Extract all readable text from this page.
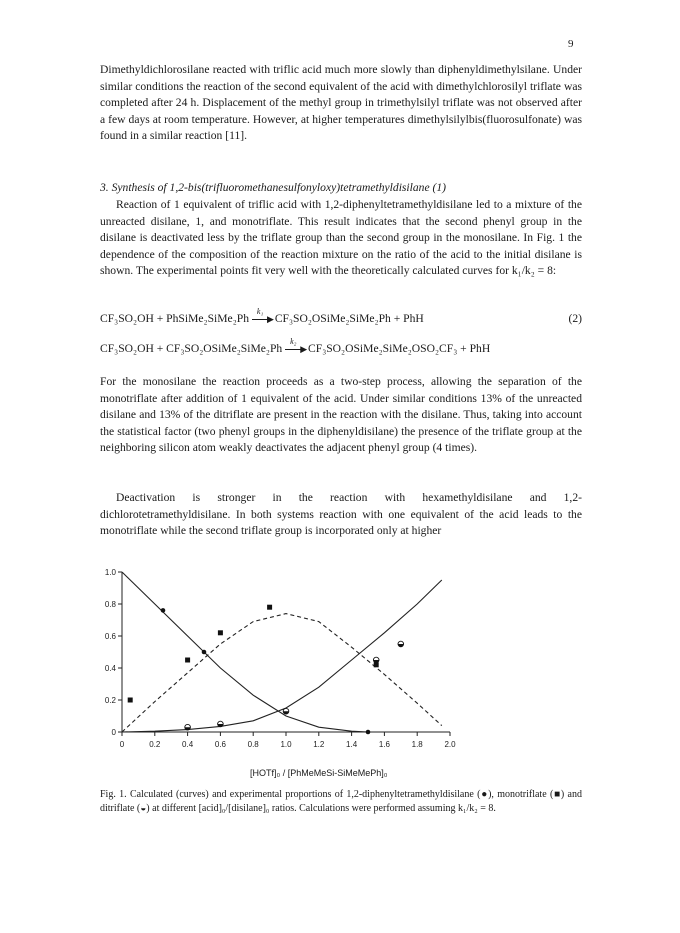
9

Dimethyldichlorosilane reacted with triflic acid much more slowly than diphenyldimethylsilane. Under similar conditions the reaction of the second equivalent of the acid with dimethylchlorosilyl triflate was completed after 24 h. Displacement of the methyl group in trimethylsilyl triflate was not observed after a few days at room temperature. However, at higher temperatures dimethylsilylbis(fluorosulfonate) was found in a similar reaction [11].

3. Synthesis of 1,2-bis(trifluoromethanesulfonyloxy)tetramethyldisilane (1)

Reaction of 1 equivalent of triflic acid with 1,2-diphenyltetramethyldisilane led to a mixture of the unreacted disilane, 1, and monotriflate. This result indicates that the second phenyl group in the disilane is deactivated less by the triflate group than the second group in the monosilane. In Fig. 1 the dependence of the composition of the reaction mixture on the ratio of the acid to the initial disilane is shown. The experimental points fit very well with the theoretically calculated curves for k₁/k₂ = 8:

CF₃SO₂OH + PhSiMe₂SiMe₂Ph
k₁
▶ CF₃SO₂OSiMe₂SiMe₂Ph + PhH	(2)
CF₃SO₂OH + CF₃SO₂OSiMe₂SiMe₂Ph
k₂
▶ CF₃SO₂OSiMe₂SiMe₂OSO₂CF₃ + PhH

For the monosilane the reaction proceeds as a two-step process, allowing the separation of the monotriflate after addition of 1 equivalent of the acid. Under similar conditions 13% of the unreacted disilane and 13% of the ditriflate are present in the reaction with the disilane. Thus, taking into account the statistical factor (two phenyl groups in the diphenyldisilane) the presence of the triflate group at the neighboring silicon atom weakly deactivates the adjacent phenyl group (4 times).

Deactivation is stronger in the reaction with hexamethyldisilane and 1,2-dichlorotetramethyldisilane. In both systems reaction with one equivalent of the acid leads to the monotriflate while the second triflate group is incorporated only at higher

0	0.2	0.4	0.6	0.8	1.0	1.2	1.4	1.6	1.8	2.0
0
0.2
0.4
0.6
0.8
1.0
[HOTf]₀ / [PhMeMeSi-SiMeMePh]₀
Fig. 1. Calculated (curves) and experimental proportions of 1,2-diphenyltetramethyldisilane (●), monotriflate (■) and ditriflate (◒) at different [acid]₀/[disilane]₀ ratios. Calculations were performed assuming k₁/k₂ = 8.
